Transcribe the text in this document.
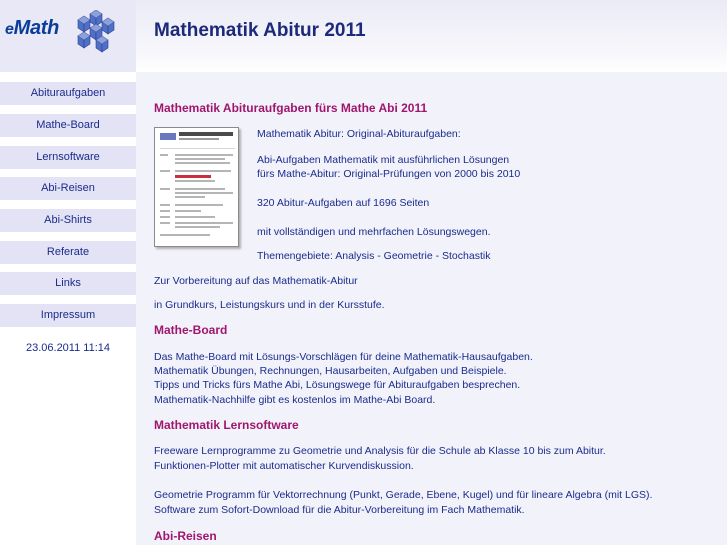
eMath	Mathematik Abitur 2011
Abituraufgaben
Mathe-Board
Lernsoftware
Abi-Reisen
Abi-Shirts
Referate
Links
Impressum
23.06.2011 11:14
Mathematik Abituraufgaben fürs Mathe Abi 2011
Mathematik Abitur: Original-Abituraufgaben:
Abi-Aufgaben Mathematik mit ausführlichen Lösungen
fürs Mathe-Abitur: Original-Prüfungen von 2000 bis 2010
320 Abitur-Aufgaben auf 1696 Seiten
mit vollständigen und mehrfachen Lösungswegen.
Themengebiete: Analysis - Geometrie - Stochastik
Zur Vorbereitung auf das Mathematik-Abitur
in Grundkurs, Leistungskurs und in der Kursstufe.
Mathe-Board
Das Mathe-Board mit Lösungs-Vorschlägen für deine Mathematik-Hausaufgaben.
Mathematik Übungen, Rechnungen, Hausarbeiten, Aufgaben und Beispiele.
Tipps und Tricks fürs Mathe Abi, Lösungswege für Abituraufgaben besprechen.
Mathematik-Nachhilfe gibt es kostenlos im Mathe-Abi Board.
Mathematik Lernsoftware
Freeware Lernprogramme zu Geometrie und Analysis für die Schule ab Klasse 10 bis zum Abitur.
Funktionen-Plotter mit automatischer Kurvendiskussion.
Geometrie Programm für Vektorrechnung (Punkt, Gerade, Ebene, Kugel) und für lineare Algebra (mit LGS).
Software zum Sofort-Download für die Abitur-Vorbereitung im Fach Mathematik.
Abi-Reisen
